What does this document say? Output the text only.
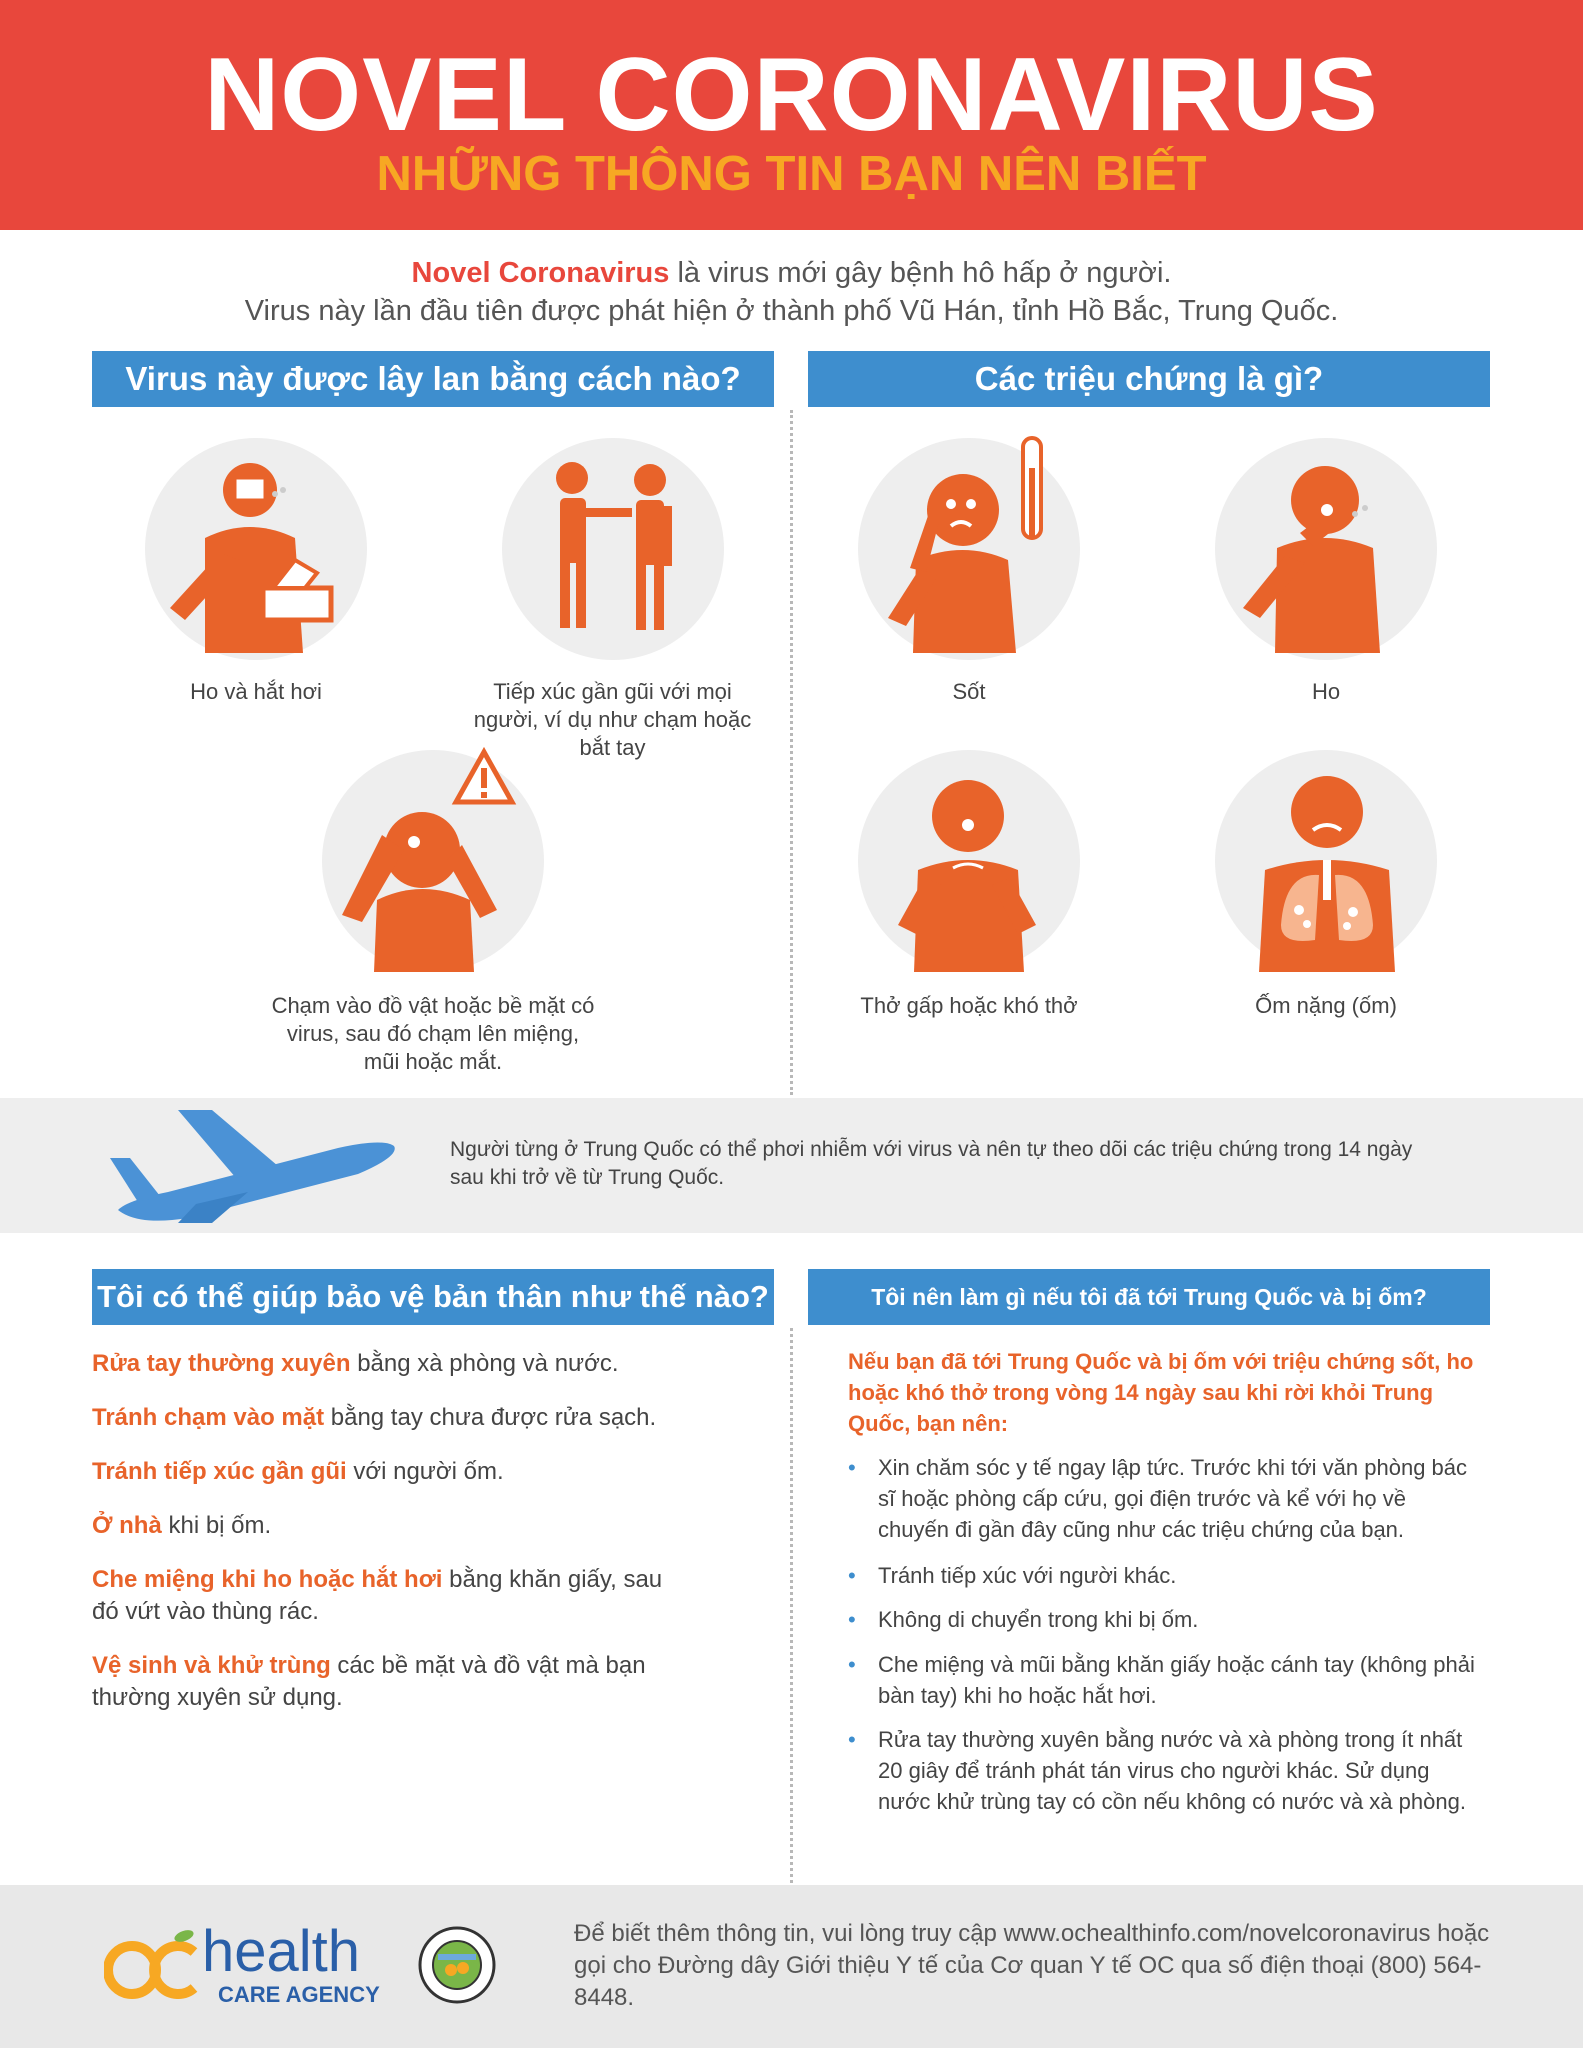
NOVEL CORONAVIRUS
NHỮNG THÔNG TIN BẠN NÊN BIẾT
Novel Coronavirus là virus mới gây bệnh hô hấp ở người.
Virus này lần đầu tiên được phát hiện ở thành phố Vũ Hán, tỉnh Hồ Bắc, Trung Quốc.
Virus này được lây lan bằng cách nào?	Các triệu chứng là gì?
Ho và hắt hơi	Tiếp xúc gần gũi với mọi người, ví dụ như chạm hoặc bắt tay
Chạm vào đồ vật hoặc bề mặt có virus, sau đó chạm lên miệng, mũi hoặc mắt.
Sốt	Ho
Thở gấp hoặc khó thở	Ốm nặng (ốm)
Người từng ở Trung Quốc có thể phơi nhiễm với virus và nên tự theo dõi các triệu chứng trong 14 ngày sau khi trở về từ Trung Quốc.
Tôi có thể giúp bảo vệ bản thân như thế nào?	Tôi nên làm gì nếu tôi đã tới Trung Quốc và bị ốm?
Rửa tay thường xuyên bằng xà phòng và nước.
Tránh chạm vào mặt bằng tay chưa được rửa sạch.
Tránh tiếp xúc gần gũi với người ốm.
Ở nhà khi bị ốm.
Che miệng khi ho hoặc hắt hơi bằng khăn giấy, sau đó vứt vào thùng rác.
Vệ sinh và khử trùng các bề mặt và đồ vật mà bạn thường xuyên sử dụng.
Nếu bạn đã tới Trung Quốc và bị ốm với triệu chứng sốt, ho hoặc khó thở trong vòng 14 ngày sau khi rời khỏi Trung Quốc, bạn nên:
• Xin chăm sóc y tế ngay lập tức. Trước khi tới văn phòng bác sĩ hoặc phòng cấp cứu, gọi điện trước và kể với họ về chuyến đi gần đây cũng như các triệu chứng của bạn.
• Tránh tiếp xúc với người khác.
• Không di chuyển trong khi bị ốm.
• Che miệng và mũi bằng khăn giấy hoặc cánh tay (không phải bàn tay) khi ho hoặc hắt hơi.
• Rửa tay thường xuyên bằng nước và xà phòng trong ít nhất 20 giây để tránh phát tán virus cho người khác. Sử dụng nước khử trùng tay có cồn nếu không có nước và xà phòng.
health
CARE AGENCY
Để biết thêm thông tin, vui lòng truy cập www.ochealthinfo.com/novelcoronavirus hoặc gọi cho Đường dây Giới thiệu Y tế của Cơ quan Y tế OC qua số điện thoại (800) 564-8448.
